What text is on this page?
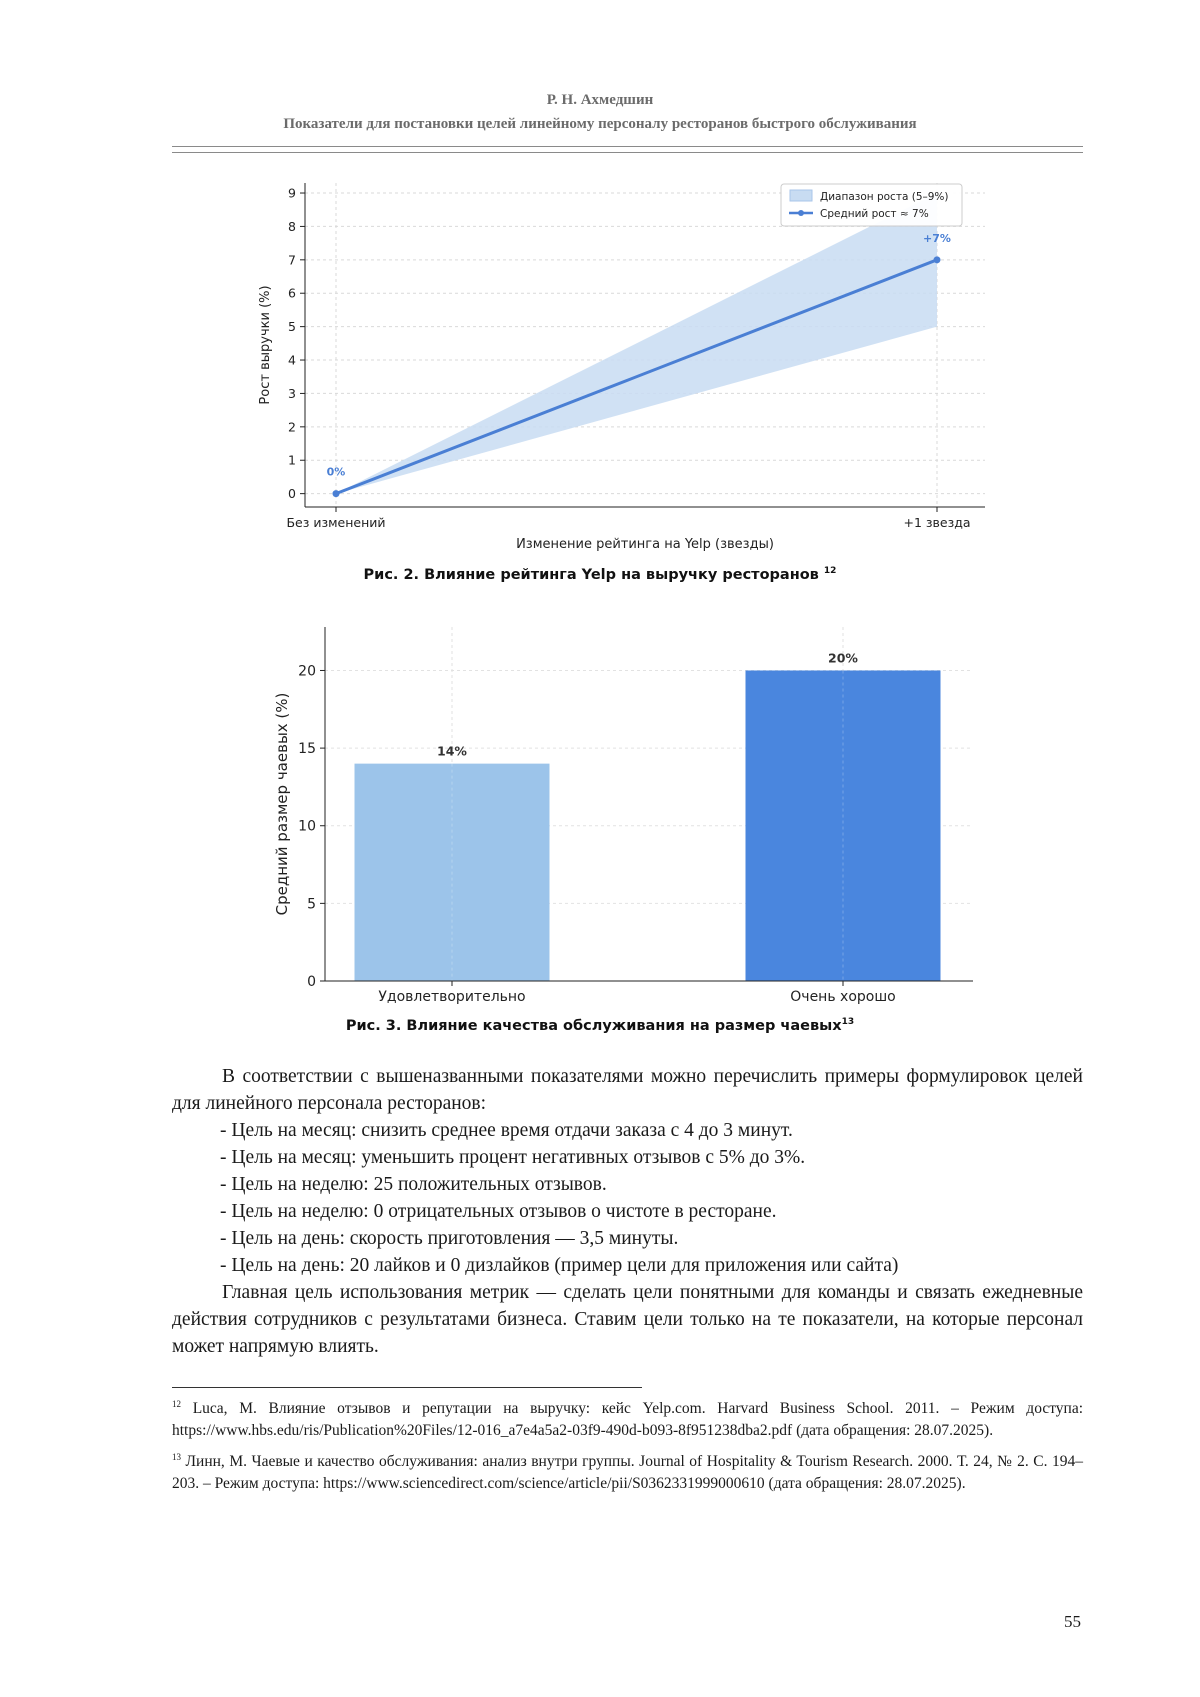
Р. Н. Ахмедшин
Показатели для постановки целей линейному персоналу ресторанов быстрого обслуживания
0%
+7%
0
1
2
3
4
5
6
7
8
9
Без изменений	+1 звезда
Изменение рейтинга на Yelp (звезды)
Рост выручки (%)
Диапазон роста (5–9%)
Средний рост ≈ 7%
Рис. 2. Влияние рейтинга Yelp на выручку ресторанов $^{12}$
14%
20%
0
5
10
15
20
Удовлетворительно	Очень хорошо
Средний размер чаевых (%)
Рис. 3. Влияние качества обслуживания на размер чаевых$^{13}$

В соответствии с вышеназванными показателями можно перечислить примеры формулировок целей для линейного персонала ресторанов:

- Цель на месяц: снизить среднее время отдачи заказа с 4 до 3 минут.

- Цель на месяц: уменьшить процент негативных отзывов с 5% до 3%.

- Цель на неделю: 25 положительных отзывов.

- Цель на неделю: 0 отрицательных отзывов о чистоте в ресторане.

- Цель на день: скорость приготовления — 3,5 минуты.

- Цель на день: 20 лайков и 0 дизлайков (пример цели для приложения или сайта)

Главная цель использования метрик — сделать цели понятными для команды и связать ежедневные действия сотрудников с результатами бизнеса. Ставим цели только на те показатели, на которые персонал может напрямую влиять.

$^{12}$ Luca, M. Влияние отзывов и репутации на выручку: кейс Yelp.com. Harvard Business School. 2011. – Режим доступа: https://www.hbs.edu/ris/Publication%20Files/12-016_a7e4a5a2-03f9-490d-b093-8f951238dba2.pdf (дата обращения: 28.07.2025).

$^{13}$ Линн, М. Чаевые и качество обслуживания: анализ внутри группы. Journal of Hospitality & Tourism Research. 2000. Т. 24, № 2. С. 194–203. – Режим доступа: https://www.sciencedirect.com/science/article/pii/S0362331999000610 (дата обращения: 28.07.2025).

55
